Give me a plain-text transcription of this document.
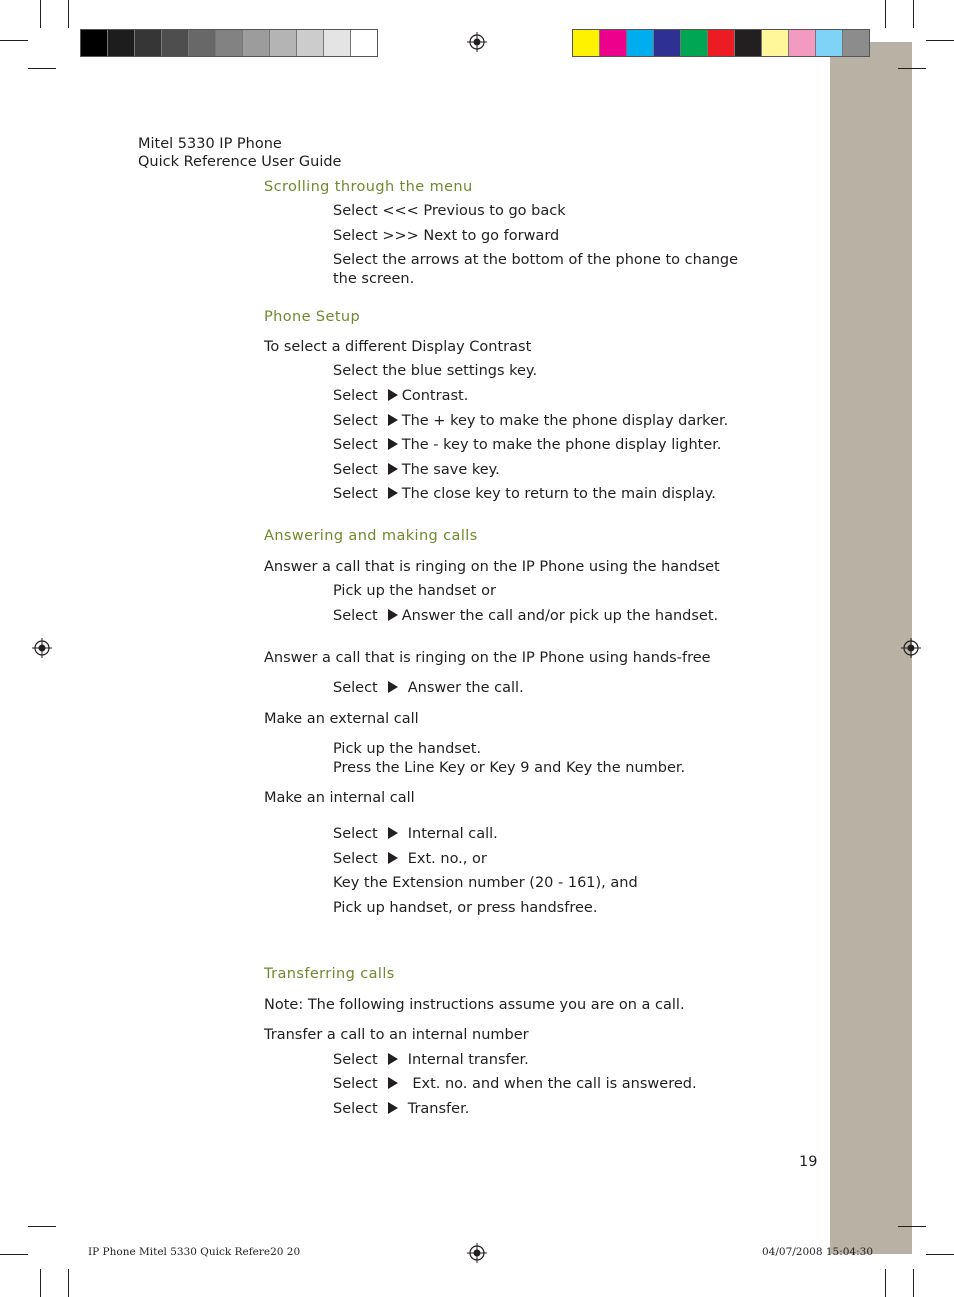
Mitel 5330 IP Phone
Quick Reference User Guide
Scrolling through the menu
Select <<< Previous to go back
Select >>> Next to go forward
Select the arrows at the bottom of the phone to change
the screen.
Phone Setup
To select a different Display Contrast
Select the blue settings key.
Select Contrast.
Select The + key to make the phone display darker.
Select The - key to make the phone display lighter.
Select The save key.
Select The close key to return to the main display.
Answering and making calls
Answer a call that is ringing on the IP Phone using the handset
Pick up the handset or
Select Answer the call and/or pick up the handset.
Answer a call that is ringing on the IP Phone using hands-free
Select Answer the call.
Make an external call
Pick up the handset.
Press the Line Key or Key 9 and Key the number.
Make an internal call
Select Internal call.
Select Ext. no., or
Key the Extension number (20 - 161), and
Pick up handset, or press handsfree.
Transferring calls
Note: The following instructions assume you are on a call.
Transfer a call to an internal number
Select Internal transfer.
Select Ext. no. and when the call is answered.
Select Transfer.
19
IP Phone Mitel 5330 Quick Refere20 20	04/07/2008 15:04:30
